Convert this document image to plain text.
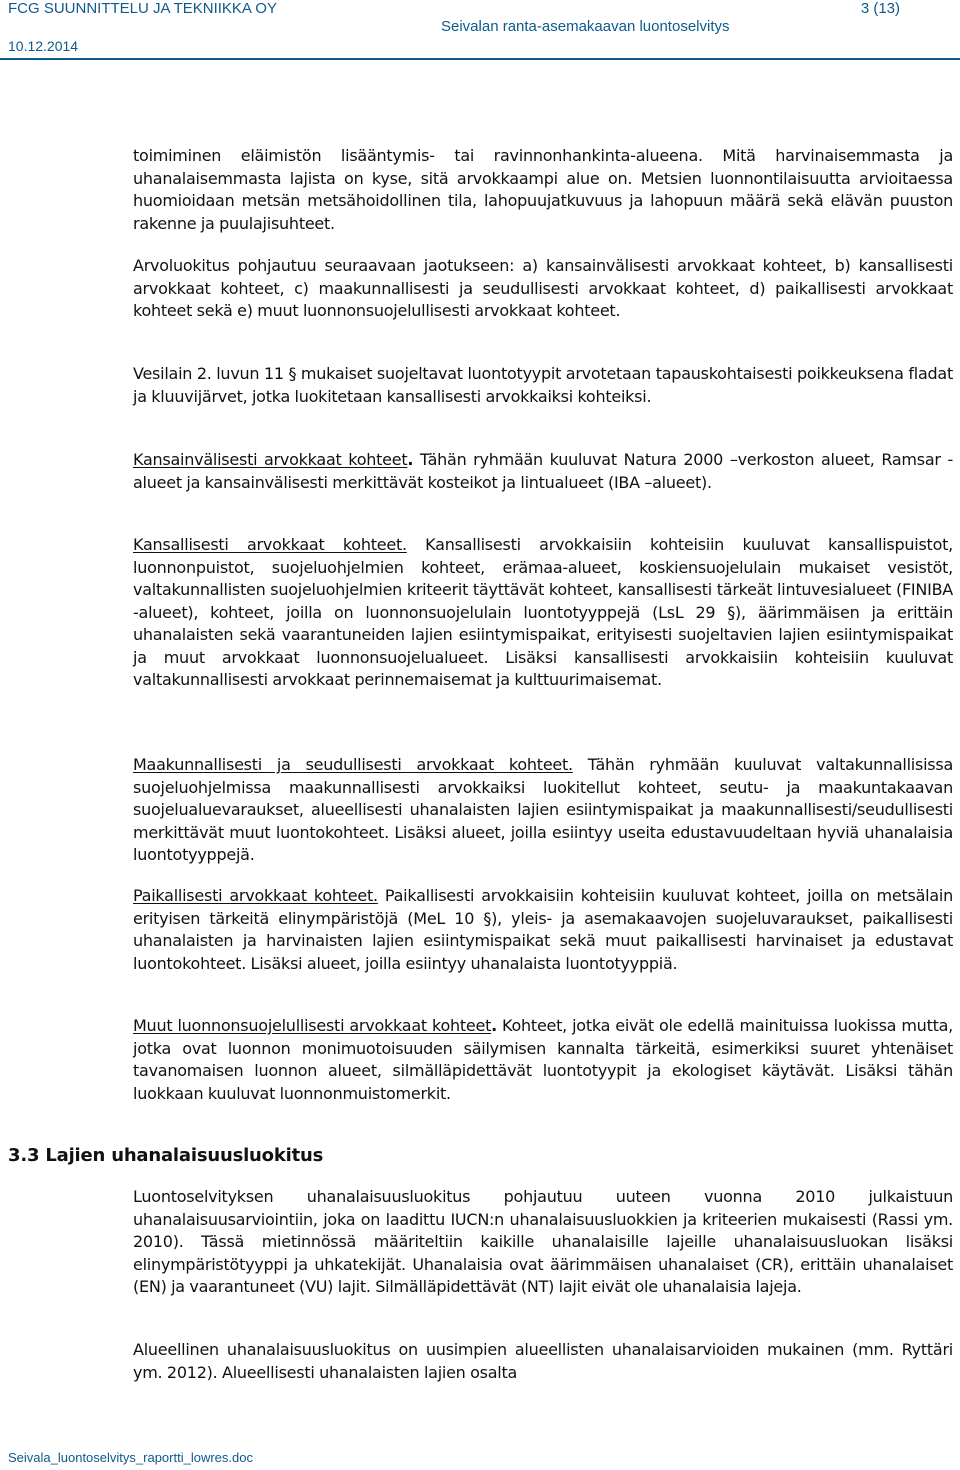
FCG SUUNNITTELU JA TEKNIIKKA OY	3 (13)
Seivalan ranta-asemakaavan luontoselvitys
10.12.2014

toimiminen eläimistön lisääntymis- tai ravinnonhankinta-alueena. Mitä harvinaisemmasta ja uhanalaisemmasta lajista on kyse, sitä arvokkaampi alue on. Metsien luonnontilaisuutta arvioitaessa huomioidaan metsän metsähoidollinen tila, lahopuujatkuvuus ja lahopuun määrä sekä elävän puuston rakenne ja puulajisuhteet.

Arvoluokitus pohjautuu seuraavaan jaotukseen: a) kansainvälisesti arvokkaat kohteet, b) kansallisesti arvokkaat kohteet, c) maakunnallisesti ja seudullisesti arvokkaat kohteet, d) paikallisesti arvokkaat kohteet sekä e) muut luonnonsuojelullisesti arvokkaat kohteet.

Vesilain 2. luvun 11 § mukaiset suojeltavat luontotyypit arvotetaan tapauskohtaisesti poikkeuksena fladat ja kluuvijärvet, jotka luokitetaan kansallisesti arvokkaiksi kohteiksi.

Kansainvälisesti arvokkaat kohteet. Tähän ryhmään kuuluvat Natura 2000 –verkoston alueet, Ramsar -alueet ja kansainvälisesti merkittävät kosteikot ja lintualueet (IBA –alueet).

Kansallisesti arvokkaat kohteet. Kansallisesti arvokkaisiin kohteisiin kuuluvat kansallispuistot, luonnonpuistot, suojeluohjelmien kohteet, erämaa-alueet, koskiensuojelulain mukaiset vesistöt, valtakunnallisten suojeluohjelmien kriteerit täyttävät kohteet, kansallisesti tärkeät lintuvesialueet (FINIBA -alueet), kohteet, joilla on luonnonsuojelulain luontotyyppejä (LsL 29 §), äärimmäisen ja erittäin uhanalaisten sekä vaarantuneiden lajien esiintymispaikat, erityisesti suojeltavien lajien esiintymispaikat ja muut arvokkaat luonnonsuojelualueet. Lisäksi kansallisesti arvokkaisiin kohteisiin kuuluvat valtakunnallisesti arvokkaat perinnemaisemat ja kulttuurimaisemat.

Maakunnallisesti ja seudullisesti arvokkaat kohteet. Tähän ryhmään kuuluvat valtakunnallisissa suojeluohjelmissa maakunnallisesti arvokkaiksi luokitellut kohteet, seutu- ja maakuntakaavan suojelualuevaraukset, alueellisesti uhanalaisten lajien esiintymispaikat ja maakunnallisesti/seudullisesti merkittävät muut luontokohteet. Lisäksi alueet, joilla esiintyy useita edustavuudeltaan hyviä uhanalaisia luontotyyppejä.

Paikallisesti arvokkaat kohteet. Paikallisesti arvokkaisiin kohteisiin kuuluvat kohteet, joilla on metsälain erityisen tärkeitä elinympäristöjä (MeL 10 §), yleis- ja asemakaavojen suojeluvaraukset, paikallisesti uhanalaisten ja harvinaisten lajien esiintymispaikat sekä muut paikallisesti harvinaiset ja edustavat luontokohteet. Lisäksi alueet, joilla esiintyy uhanalaista luontotyyppiä.

Muut luonnonsuojelullisesti arvokkaat kohteet. Kohteet, jotka eivät ole edellä mainituissa luokissa mutta, jotka ovat luonnon monimuotoisuuden säilymisen kannalta tärkeitä, esimerkiksi suuret yhtenäiset tavanomaisen luonnon alueet, silmälläpidettävät luontotyypit ja ekologiset käytävät. Lisäksi tähän luokkaan kuuluvat luonnonmuistomerkit.

3.3 Lajien uhanalaisuusluokitus

Luontoselvityksen uhanalaisuusluokitus pohjautuu uuteen vuonna 2010 julkaistuun uhanalaisuusarviointiin, joka on laadittu IUCN:n uhanalaisuusluokkien ja kriteerien mukaisesti (Rassi ym. 2010). Tässä mietinnössä määriteltiin kaikille uhanalaisille lajeille uhanalaisuusluokan lisäksi elinympäristötyyppi ja uhkatekijät. Uhanalaisia ovat äärimmäisen uhanalaiset (CR), erittäin uhanalaiset (EN) ja vaarantuneet (VU) lajit. Silmälläpidettävät (NT) lajit eivät ole uhanalaisia lajeja.

Alueellinen uhanalaisuusluokitus on uusimpien alueellisten uhanalaisarvioiden mukainen (mm. Ryttäri ym. 2012). Alueellisesti uhanalaisten lajien osalta

Seivala_luontoselvitys_raportti_lowres.doc
